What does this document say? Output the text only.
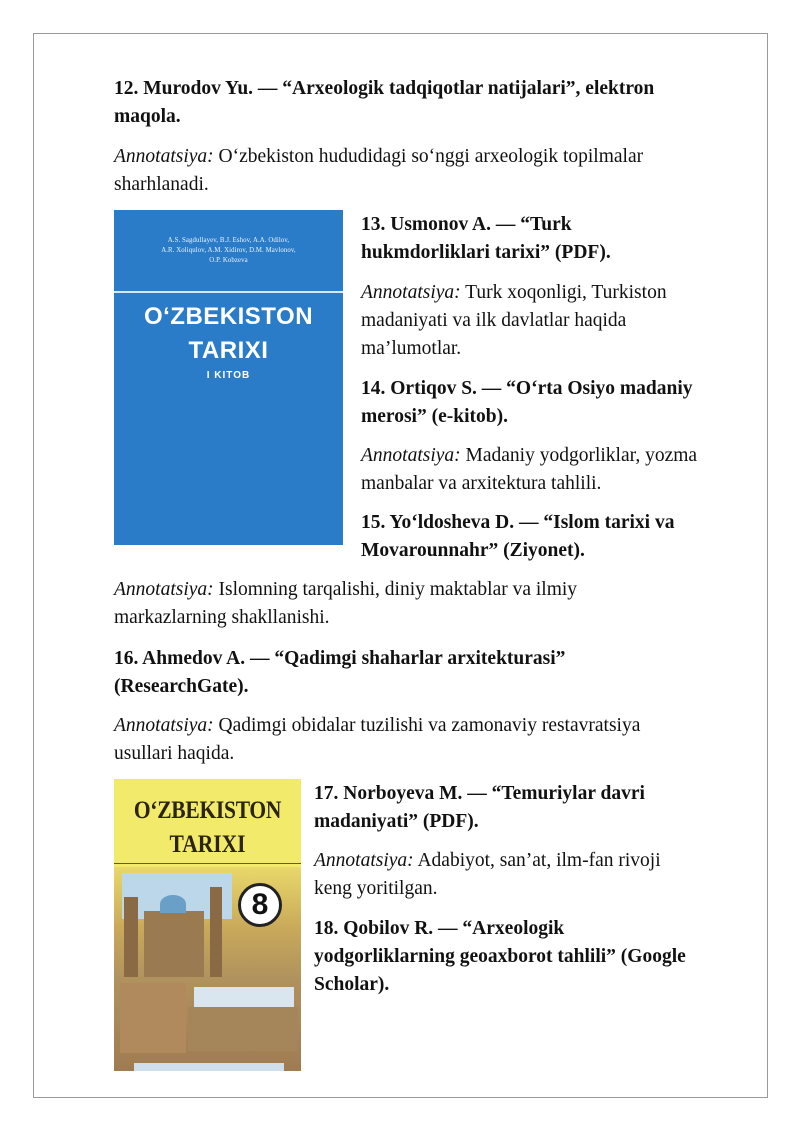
12. Murodov Yu. — “Arxeologik tadqiqotlar natijalari”, elektron

maqola.

Annotatsiya: O‘zbekiston hududidagi so‘nggi arxeologik topilmalar

sharhlanadi.

A.S. Sagdullayev, B.J. Eshov, A.A. Odilov,
A.R. Xoliqulov, A.M. Xidirov, D.M. Mavlonov,
O.P. Kobzeva
O‘ZBEKISTON
TARIXI
I KITOB

13. Usmonov A. — “Turk

hukmdorliklari tarixi” (PDF).

Annotatsiya: Turk xoqonligi, Turkiston

madaniyati va ilk davlatlar haqida

ma’lumotlar.

14. Ortiqov S. — “O‘rta Osiyo madaniy

merosi” (e-kitob).

Annotatsiya: Madaniy yodgorliklar, yozma

manbalar va arxitektura tahlili.

15. Yo‘ldosheva D. — “Islom tarixi va

Movarounnahr” (Ziyonet).

Annotatsiya: Islomning tarqalishi, diniy maktablar va ilmiy

markazlarning shakllanishi.

16. Ahmedov A. — “Qadimgi shaharlar arxitekturasi”

(ResearchGate).

Annotatsiya: Qadimgi obidalar tuzilishi va zamonaviy restavratsiya

usullari haqida.

O‘ZBEKISTON
TARIXI
8

17. Norboyeva M. — “Temuriylar davri

madaniyati” (PDF).

Annotatsiya: Adabiyot, san’at, ilm-fan rivoji

keng yoritilgan.

18. Qobilov R. — “Arxeologik

yodgorliklarning geoaxborot tahlili” (Google

Scholar).
